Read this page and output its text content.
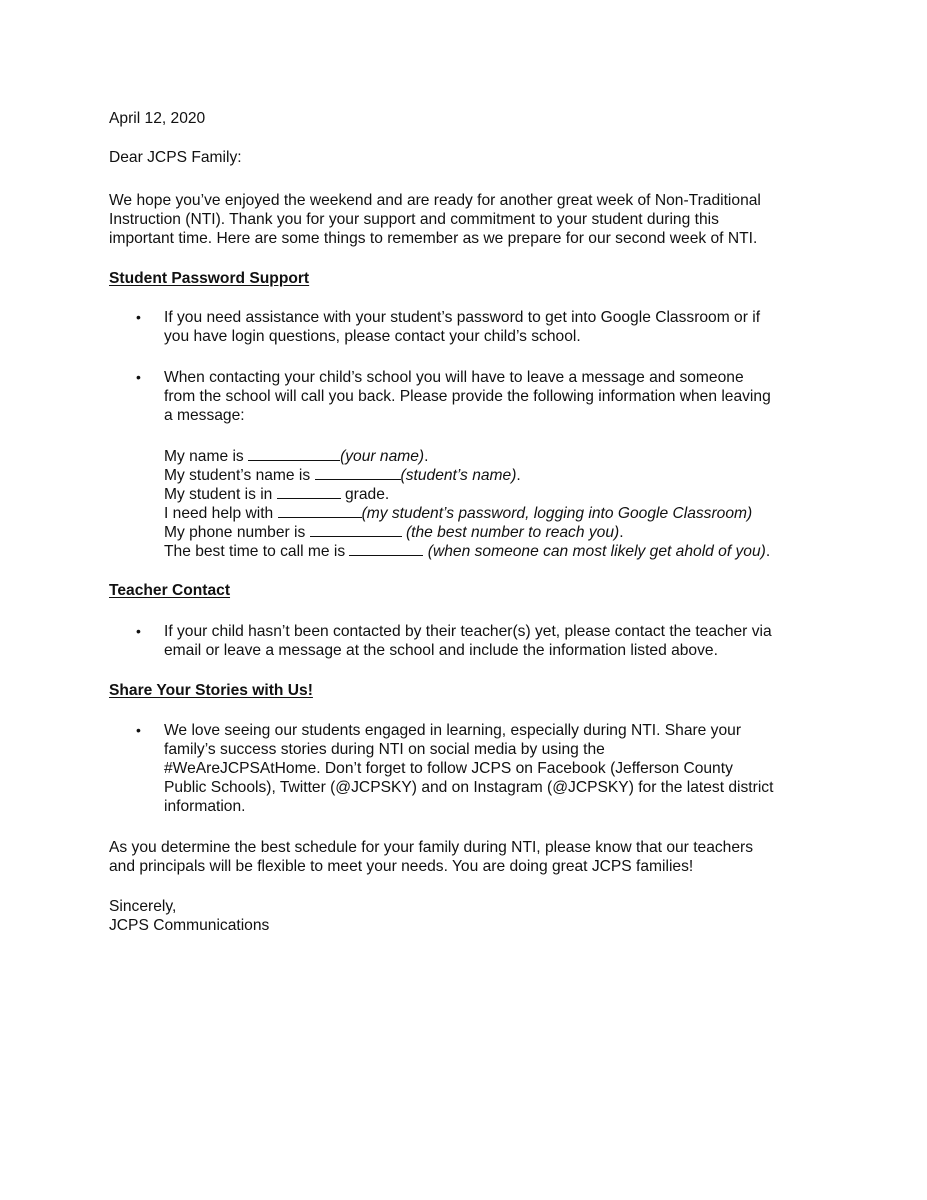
April 12, 2020
Dear JCPS Family:
We hope you’ve enjoyed the weekend and are ready for another great week of Non-Traditional
Instruction (NTI). Thank you for your support and commitment to your student during this
important time. Here are some things to remember as we prepare for our second week of NTI.
Student Password Support
• If you need assistance with your student’s password to get into Google Classroom or if
you have login questions, please contact your child’s school.
• When contacting your child’s school you will have to leave a message and someone
from the school will call you back. Please provide the following information when leaving
a message:
My name is	(your name).
My student’s name is	(student’s name).
My student is in	grade.
I need help with	(my student’s password, logging into Google Classroom)
My phone number is	(the best number to reach you).
The best time to call me is	(when someone can most likely get ahold of you).
Teacher Contact
• If your child hasn’t been contacted by their teacher(s) yet, please contact the teacher via
email or leave a message at the school and include the information listed above.
Share Your Stories with Us!
• We love seeing our students engaged in learning, especially during NTI. Share your
family’s success stories during NTI on social media by using the
#WeAreJCPSAtHome. Don’t forget to follow JCPS on Facebook (Jefferson County
Public Schools), Twitter (@JCPSKY) and on Instagram (@JCPSKY) for the latest district
information.
As you determine the best schedule for your family during NTI, please know that our teachers
and principals will be flexible to meet your needs. You are doing great JCPS families!
Sincerely,
JCPS Communications
